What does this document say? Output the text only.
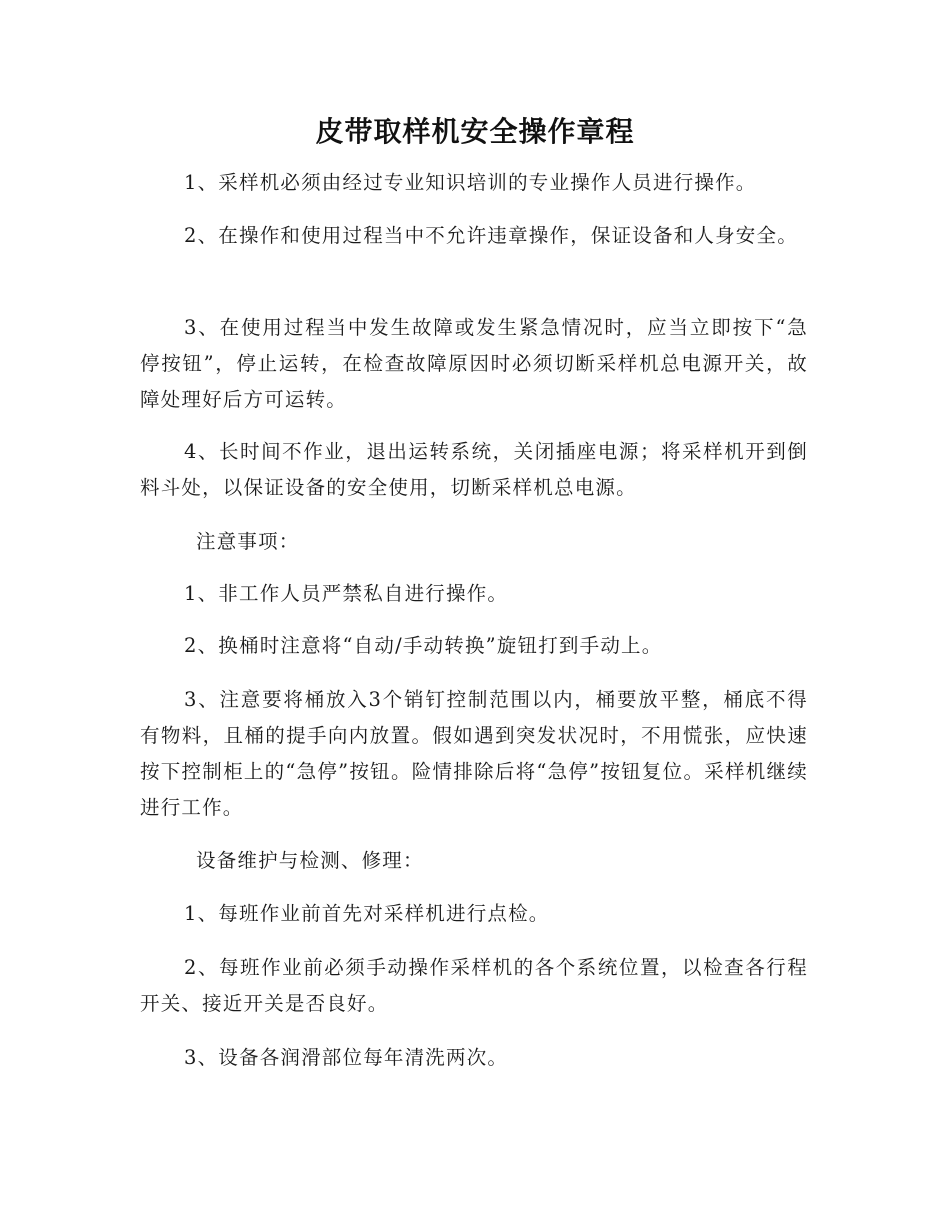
皮带取样机安全操作章程

1、采样机必须由经过专业知识培训的专业操作人员进行操作。

2、在操作和使用过程当中不允许违章操作，保证设备和人身安全。

3、在使用过程当中发生故障或发生紧急情况时，应当立即按下“急停按钮”，停止运转，在检查故障原因时必须切断采样机总电源开关，故障处理好后方可运转。

4、长时间不作业，退出运转系统，关闭插座电源；将采样机开到倒料斗处，以保证设备的安全使用，切断采样机总电源。

注意事项：

1、非工作人员严禁私自进行操作。

2、换桶时注意将“自动/手动转换”旋钮打到手动上。

3、注意要将桶放入3个销钉控制范围以内，桶要放平整，桶底不得有物料，且桶的提手向内放置。假如遇到突发状况时，不用慌张，应快速按下控制柜上的“急停”按钮。险情排除后将“急停”按钮复位。采样机继续进行工作。

设备维护与检测、修理：

1、每班作业前首先对采样机进行点检。

2、每班作业前必须手动操作采样机的各个系统位置，以检查各行程开关、接近开关是否良好。

3、设备各润滑部位每年清洗两次。
